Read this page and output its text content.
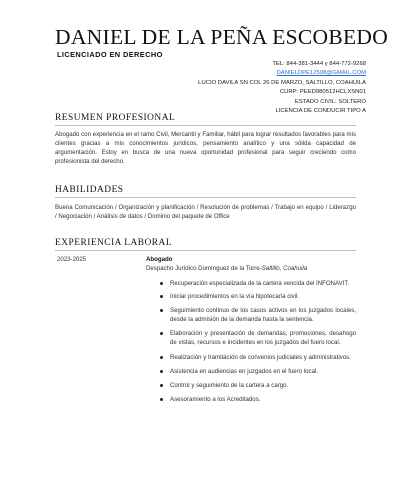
DANIEL DE LA PEÑA ESCOBEDO
LICENCIADO EN DERECHO
TEL: 844-381-3444 y 844-772-9268
DANIELDPE12598@GMAIL.COM
LUCIO DAVILA SN COL 26 DE MARZO, SALTILLO, COAHUILA
CURP: PEED980512HCLXSN01
ESTADO CIVIL: SOLTERO
LICENCIA DE CONDUCIR TIPO A
RESUMEN PROFESIONAL
Abogado con experiencia en el ramo Civil, Mercantil y Familiar, hábil para lograr resultados favorables para mis clientes gracias a mis conocimientos jurídicos, pensamiento analítico y una sólida capacidad de argumentación. Estoy en busca de una nueva oportunidad profesional para seguir creciendo como profesionista del derecho.
HABILIDADES
Buena Comunicación / Organización y planificación / Resolución de problemas / Trabajo en equipo / Liderazgo / Negociación / Análisis de datos / Dominio del paquete de Office
EXPERIENCIA LABORAL
2023-2025	Abogado
Despacho Jurídico Domínguez de la Torre-Saltillo, Coahuila
Recuperación especializada de la cartera vencida del INFONAVIT.
Iniciar procedimientos en la vía hipotecaria civil.
Seguimiento continuo de los casos activos en los juzgados locales, desde la admisión de la demanda hasta la sentencia.
Elaboración y presentación de demandas, promociones, desahogo de vistas, recursos e incidentes en los juzgados del fuero local.
Realización y tramitación de convenios judiciales y administrativos.
Asistencia en audiencias en juzgados en el fuero local.
Control y seguimiento de la cartera a cargo.
Asesoramiento a los Acreditados.
